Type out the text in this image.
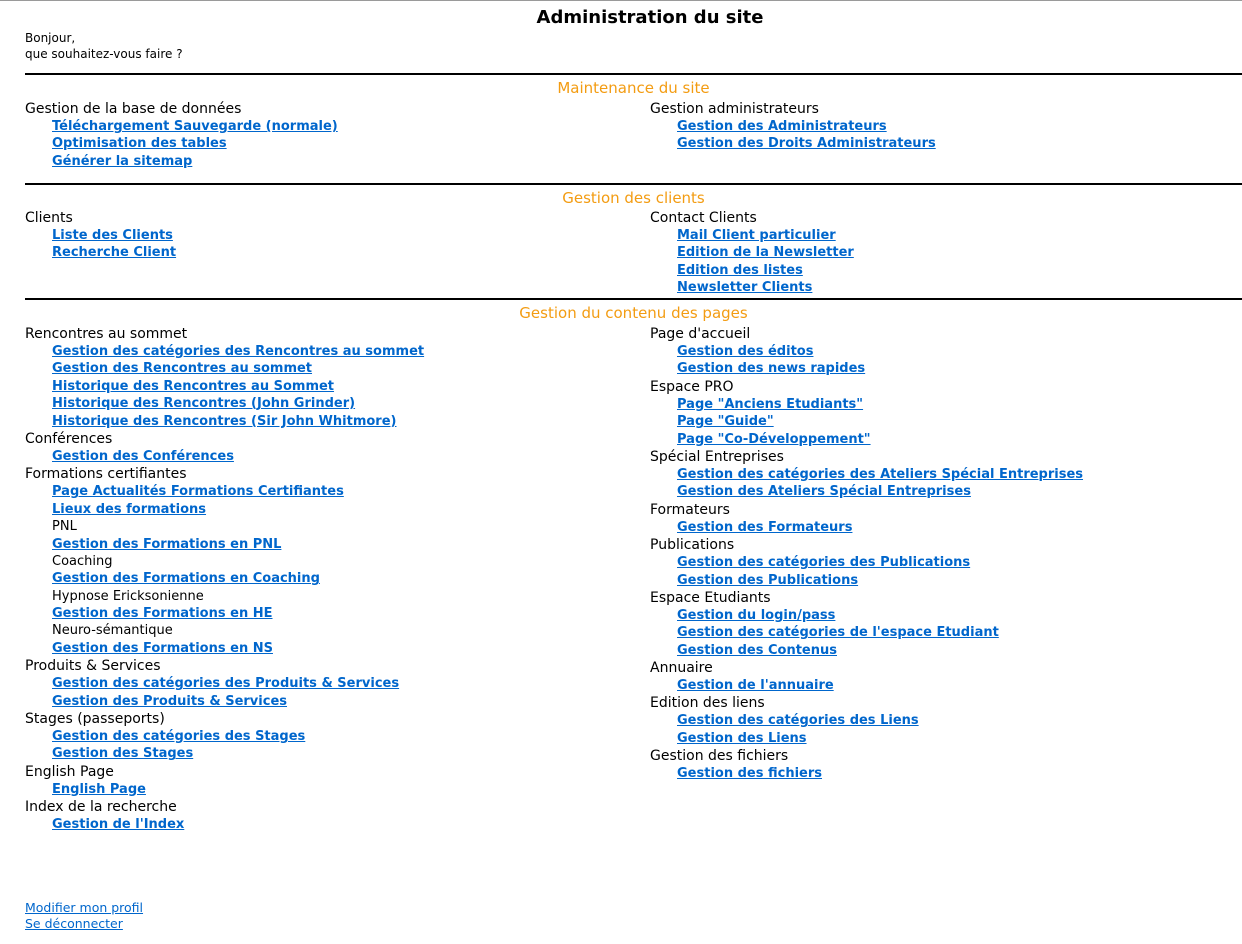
Administration du site
Bonjour,
que souhaitez-vous faire ?
Maintenance du site
Gestion de la base de données
Téléchargement Sauvegarde (normale)
Optimisation des tables
Générer la sitemap
Gestion administrateurs
Gestion des Administrateurs
Gestion des Droits Administrateurs
Gestion des clients
Clients
Liste des Clients
Recherche Client
Contact Clients
Mail Client particulier
Edition de la Newsletter
Edition des listes
Newsletter Clients
Gestion du contenu des pages
Rencontres au sommet
Gestion des catégories des Rencontres au sommet
Gestion des Rencontres au sommet
Historique des Rencontres au Sommet
Historique des Rencontres (John Grinder)
Historique des Rencontres (Sir John Whitmore)
Conférences
Gestion des Conférences
Formations certifiantes
Page Actualités Formations Certifiantes
Lieux des formations
PNL
Gestion des Formations en PNL
Coaching
Gestion des Formations en Coaching
Hypnose Ericksonienne
Gestion des Formations en HE
Neuro-sémantique
Gestion des Formations en NS
Produits & Services
Gestion des catégories des Produits & Services
Gestion des Produits & Services
Stages (passeports)
Gestion des catégories des Stages
Gestion des Stages
English Page
English Page
Index de la recherche
Gestion de l'Index
Page d'accueil
Gestion des éditos
Gestion des news rapides
Espace PRO
Page "Anciens Etudiants"
Page "Guide"
Page "Co-Développement"
Spécial Entreprises
Gestion des catégories des Ateliers Spécial Entreprises
Gestion des Ateliers Spécial Entreprises
Formateurs
Gestion des Formateurs
Publications
Gestion des catégories des Publications
Gestion des Publications
Espace Etudiants
Gestion du login/pass
Gestion des catégories de l'espace Etudiant
Gestion des Contenus
Annuaire
Gestion de l'annuaire
Edition des liens
Gestion des catégories des Liens
Gestion des Liens
Gestion des fichiers
Gestion des fichiers
Modifier mon profil
Se déconnecter
